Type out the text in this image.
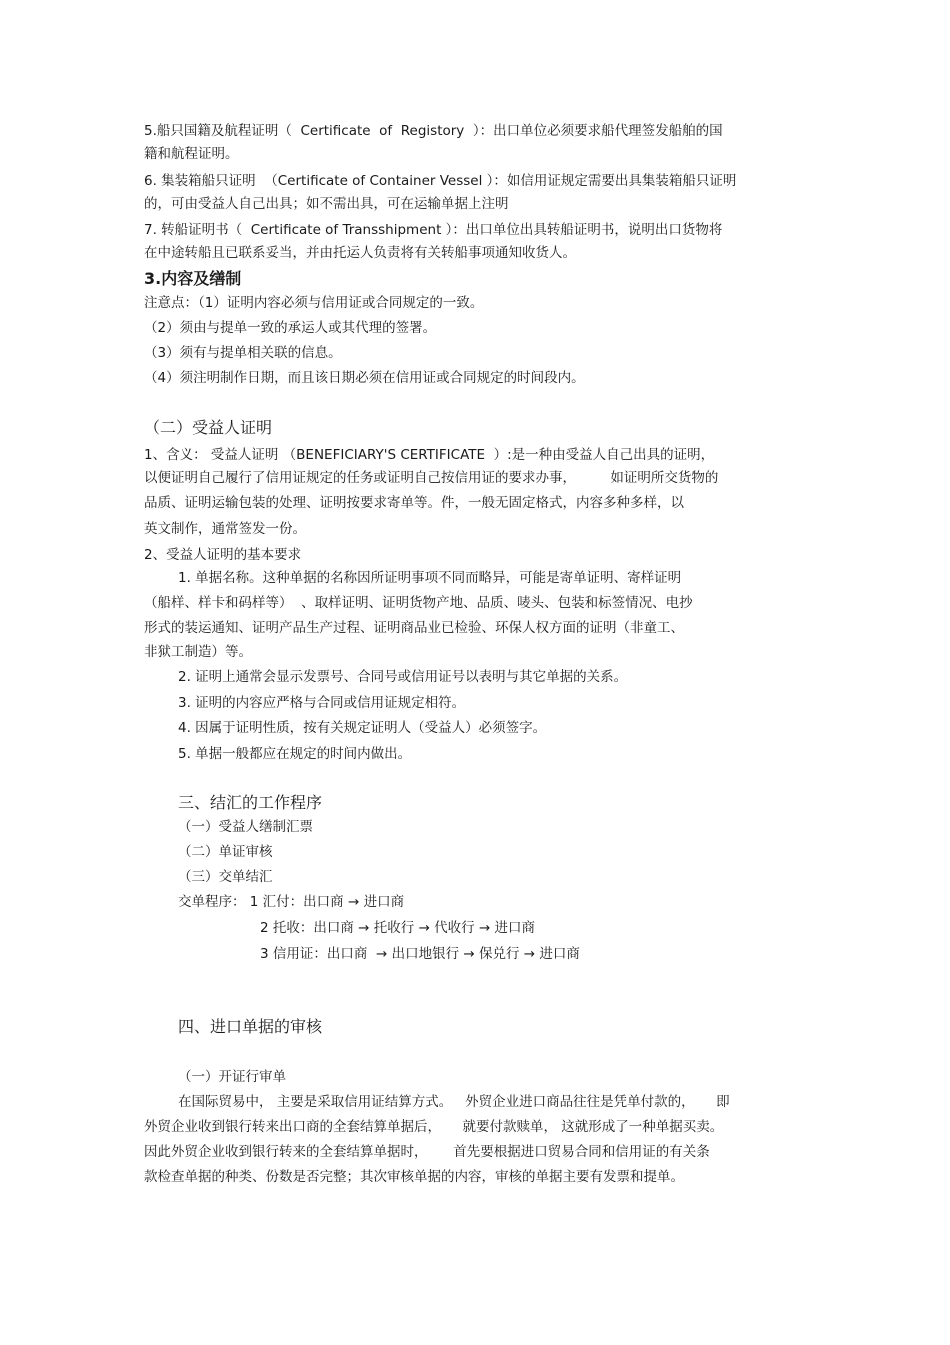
5.船只国籍及航程证明（  Certificate  of  Registory  ）：出口单位必须要求船代理签发船舶的国
籍和航程证明。
6. 集装箱船只证明  （Certificate of Container Vessel ）：如信用证规定需要出具集装箱船只证明
的，可由受益人自己出具；如不需出具，可在运输单据上注明
7. 转船证明书（  Certificate of Transshipment ）：出口单位出具转船证明书，说明出口货物将
在中途转船且已联系妥当，并由托运人负责将有关转船事项通知收货人。
3.内容及缮制
注意点：（1）证明内容必须与信用证或合同规定的一致。
（2）须由与提单一致的承运人或其代理的签署。
（3）须有与提单相关联的信息。
（4）须注明制作日期，而且该日期必须在信用证或合同规定的时间段内。
（二）受益人证明
1、含义： 受益人证明 （BENEFICIARY'S CERTIFICATE  ）:是一种由受益人自己出具的证明，
以便证明自己履行了信用证规定的任务或证明自己按信用证的要求办事，        如证明所交货物的
品质、证明运输包装的处理、证明按要求寄单等。件，一般无固定格式，内容多种多样，以
英文制作，通常签发一份。
2、受益人证明的基本要求
1. 单据名称。这种单据的名称因所证明事项不同而略异，可能是寄单证明、寄样证明
（船样、样卡和码样等）  、取样证明、证明货物产地、品质、唛头、包装和标签情况、电抄
形式的装运通知、证明产品生产过程、证明商品业已检验、环保人权方面的证明（非童工、
非狱工制造）等。
2. 证明上通常会显示发票号、合同号或信用证号以表明与其它单据的关系。
3. 证明的内容应严格与合同或信用证规定相符。
4. 因属于证明性质，按有关规定证明人（受益人）必须签字。
5. 单据一般都应在规定的时间内做出。
三、结汇的工作程序
（一）受益人缮制汇票
（二）单证审核
（三）交单结汇
交单程序： 1 汇付：出口商 → 进口商
2 托收：出口商 → 托收行 → 代收行 → 进口商
3 信用证：出口商  → 出口地银行 → 保兑行 → 进口商
四、进口单据的审核
（一）开证行审单
在国际贸易中， 主要是采取信用证结算方式。   外贸企业进口商品往往是凭单付款的，     即
外贸企业收到银行转来出口商的全套结算单据后，     就要付款赎单， 这就形成了一种单据买卖。
因此外贸企业收到银行转来的全套结算单据时，      首先要根据进口贸易合同和信用证的有关条
款检查单据的种类、份数是否完整；其次审核单据的内容，审核的单据主要有发票和提单。
